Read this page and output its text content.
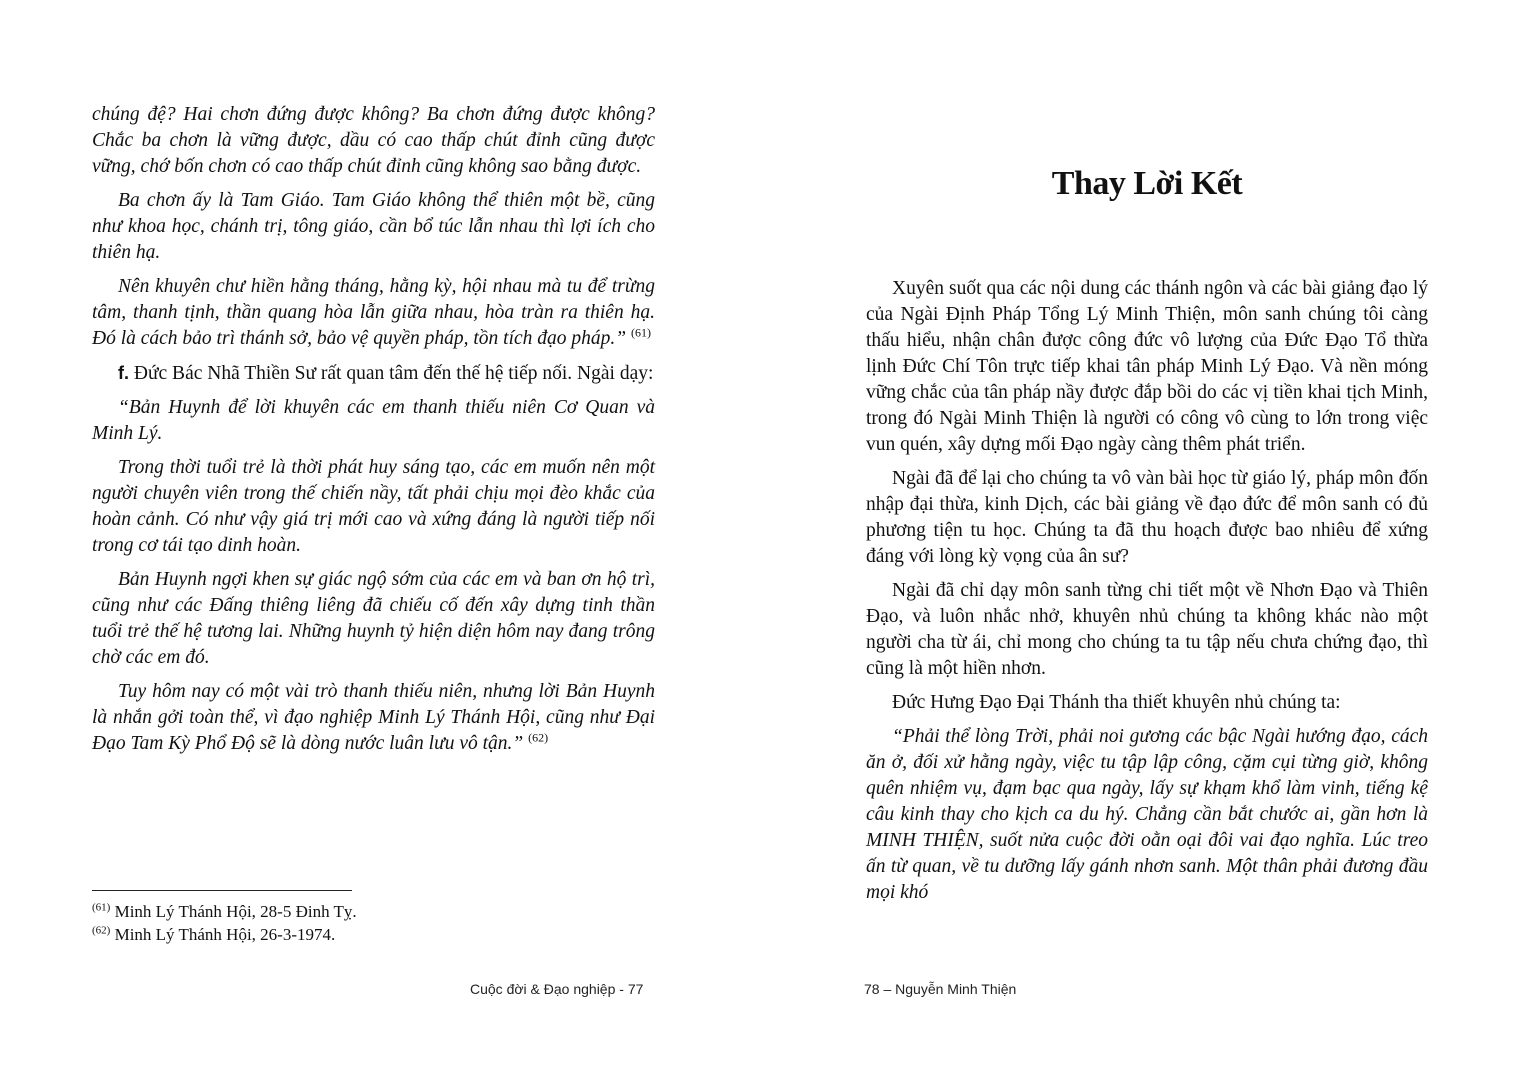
chúng đệ? Hai chơn đứng được không? Ba chơn đứng được không? Chắc ba chơn là vững được, dầu có cao thấp chút đỉnh cũng được vững, chớ bốn chơn có cao thấp chút đỉnh cũng không sao bằng được.

Ba chơn ấy là Tam Giáo. Tam Giáo không thể thiên một bề, cũng như khoa học, chánh trị, tông giáo, cần bổ túc lẫn nhau thì lợi ích cho thiên hạ.

Nên khuyên chư hiền hằng tháng, hằng kỳ, hội nhau mà tu để trừng tâm, thanh tịnh, thần quang hòa lẫn giữa nhau, hòa tràn ra thiên hạ. Đó là cách bảo trì thánh sở, bảo vệ quyền pháp, tồn tích đạo pháp.” $^{(61)}$

f. Đức Bác Nhã Thiền Sư rất quan tâm đến thế hệ tiếp nối. Ngài dạy:

“Bản Huynh để lời khuyên các em thanh thiếu niên Cơ Quan và Minh Lý.

Trong thời tuổi trẻ là thời phát huy sáng tạo, các em muốn nên một người chuyên viên trong thế chiến nầy, tất phải chịu mọi đèo khắc của hoàn cảnh. Có như vậy giá trị mới cao và xứng đáng là người tiếp nối trong cơ tái tạo dinh hoàn.

Bản Huynh ngợi khen sự giác ngộ sớm của các em và ban ơn hộ trì, cũng như các Đấng thiêng liêng đã chiếu cố đến xây dựng tinh thần tuổi trẻ thế hệ tương lai. Những huynh tỷ hiện diện hôm nay đang trông chờ các em đó.

Tuy hôm nay có một vài trò thanh thiếu niên, nhưng lời Bản Huynh là nhắn gởi toàn thể, vì đạo nghiệp Minh Lý Thánh Hội, cũng như Đại Đạo Tam Kỳ Phổ Độ sẽ là dòng nước luân lưu vô tận.” $^{(62)}$

$^{(61)}$ Minh Lý Thánh Hội, 28-5 Đinh Tỵ.
$^{(62)}$ Minh Lý Thánh Hội, 26-3-1974.
Cuộc đời & Đạo nghiệp - 77
Thay Lời Kết

Xuyên suốt qua các nội dung các thánh ngôn và các bài giảng đạo lý của Ngài Định Pháp Tổng Lý Minh Thiện, môn sanh chúng tôi càng thấu hiểu, nhận chân được công đức vô lượng của Đức Đạo Tổ thừa lịnh Đức Chí Tôn trực tiếp khai tân pháp Minh Lý Đạo. Và nền móng vững chắc của tân pháp nầy được đắp bồi do các vị tiền khai tịch Minh, trong đó Ngài Minh Thiện là người có công vô cùng to lớn trong việc vun quén, xây dựng mối Đạo ngày càng thêm phát triển.

Ngài đã để lại cho chúng ta vô vàn bài học từ giáo lý, pháp môn đốn nhập đại thừa, kinh Dịch, các bài giảng về đạo đức để môn sanh có đủ phương tiện tu học. Chúng ta đã thu hoạch được bao nhiêu để xứng đáng với lòng kỳ vọng của ân sư?

Ngài đã chỉ dạy môn sanh từng chi tiết một về Nhơn Đạo và Thiên Đạo, và luôn nhắc nhở, khuyên nhủ chúng ta không khác nào một người cha từ ái, chỉ mong cho chúng ta tu tập nếu chưa chứng đạo, thì cũng là một hiền nhơn.

Đức Hưng Đạo Đại Thánh tha thiết khuyên nhủ chúng ta:

“Phải thể lòng Trời, phải noi gương các bậc Ngài hướng đạo, cách ăn ở, đối xử hằng ngày, việc tu tập lập công, cặm cụi từng giờ, không quên nhiệm vụ, đạm bạc qua ngày, lấy sự khạm khổ làm vinh, tiếng kệ câu kinh thay cho kịch ca du hý. Chẳng cần bắt chước ai, gần hơn là MINH THIỆN, suốt nửa cuộc đời oằn oại đôi vai đạo nghĩa. Lúc treo ấn từ quan, về tu dưỡng lấy gánh nhơn sanh. Một thân phải đương đầu mọi khó

78 – Nguyễn Minh Thiện
